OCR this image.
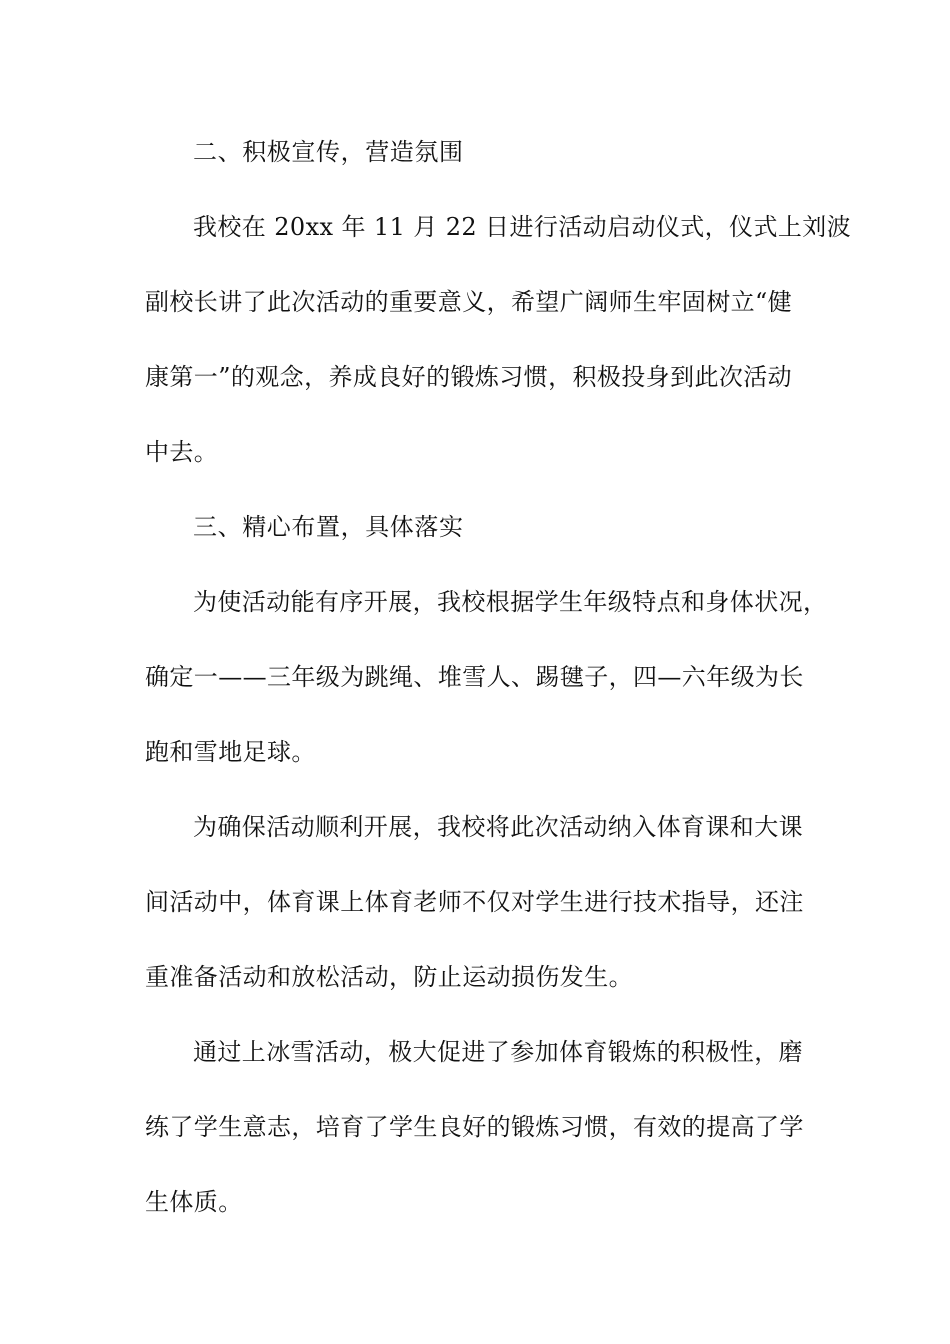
二、积极宣传，营造氛围
我校在 20xx 年 11 月 22 日进行活动启动仪式，仪式上刘波
副校长讲了此次活动的重要意义，希望广阔师生牢固树立“健
康第一”的观念，养成良好的锻炼习惯，积极投身到此次活动
中去。
三、精心布置，具体落实
为使活动能有序开展，我校根据学生年级特点和身体状况，
确定一——三年级为跳绳、堆雪人、踢毽子，四—六年级为长
跑和雪地足球。
为确保活动顺利开展，我校将此次活动纳入体育课和大课
间活动中，体育课上体育老师不仅对学生进行技术指导，还注
重准备活动和放松活动，防止运动损伤发生。
通过上冰雪活动，极大促进了参加体育锻炼的积极性，磨
练了学生意志，培育了学生良好的锻炼习惯，有效的提高了学
生体质。
